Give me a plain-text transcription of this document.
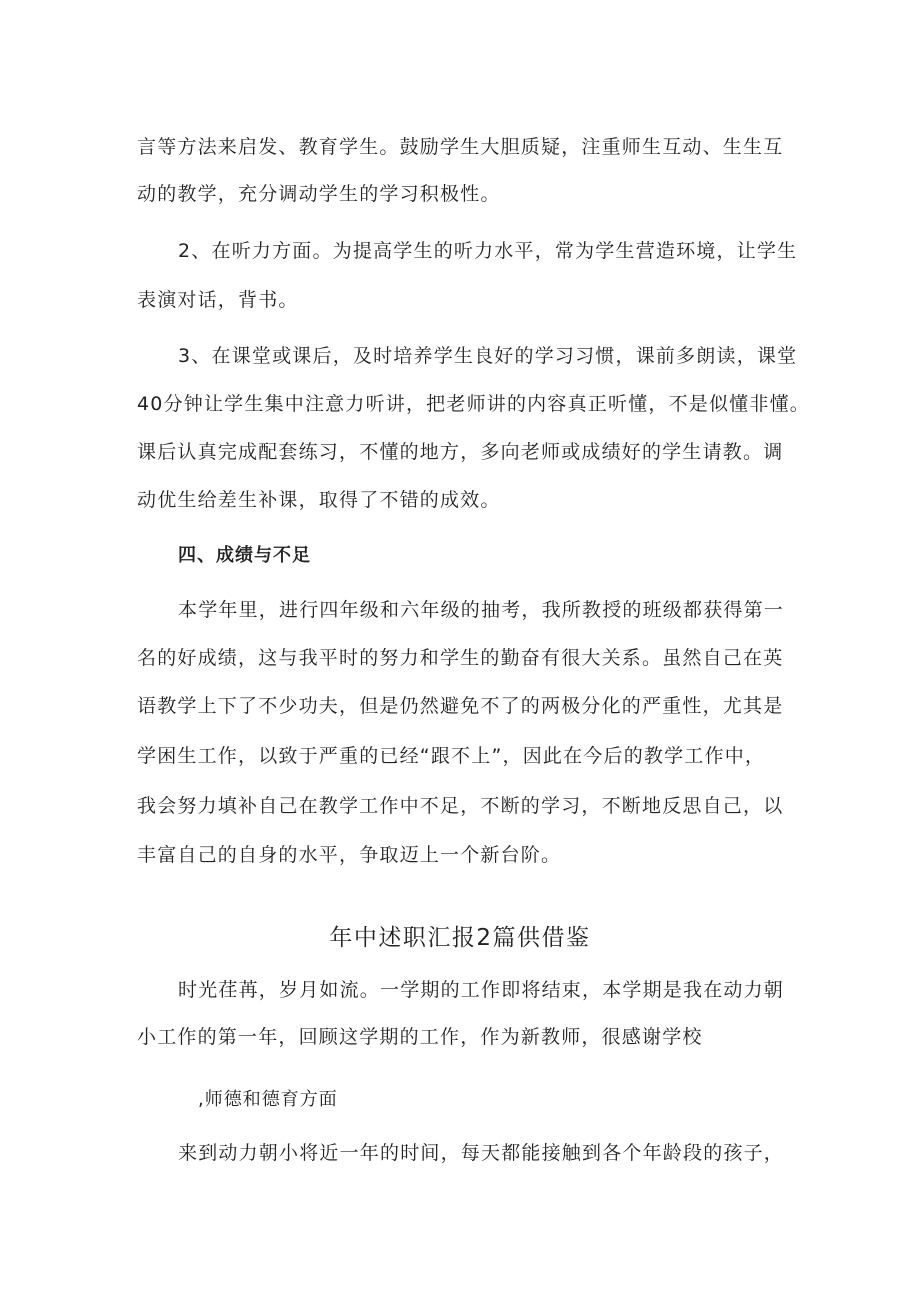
言等方法来启发、教育学生。鼓励学生大胆质疑，注重师生互动、生生互
动的教学，充分调动学生的学习积极性。
2、在听力方面。为提高学生的听力水平，常为学生营造环境，让学生
表演对话，背书。
3、在课堂或课后，及时培养学生良好的学习习惯，课前多朗读，课堂
40分钟让学生集中注意力听讲，把老师讲的内容真正听懂，不是似懂非懂。
课后认真完成配套练习，不懂的地方，多向老师或成绩好的学生请教。调
动优生给差生补课，取得了不错的成效。
四、成绩与不足
本学年里，进行四年级和六年级的抽考，我所教授的班级都获得第一
名的好成绩，这与我平时的努力和学生的勤奋有很大关系。虽然自己在英
语教学上下了不少功夫，但是仍然避免不了的两极分化的严重性，尤其是
学困生工作，以致于严重的已经“跟不上”，因此在今后的教学工作中，
我会努力填补自己在教学工作中不足，不断的学习，不断地反思自己，以
丰富自己的自身的水平，争取迈上一个新台阶。
年中述职汇报2篇供借鉴
时光荏苒，岁月如流。一学期的工作即将结束，本学期是我在动力朝
小工作的第一年，回顾这学期的工作，作为新教师，很感谢学校
,师德和德育方面
来到动力朝小将近一年的时间，每天都能接触到各个年龄段的孩子，
